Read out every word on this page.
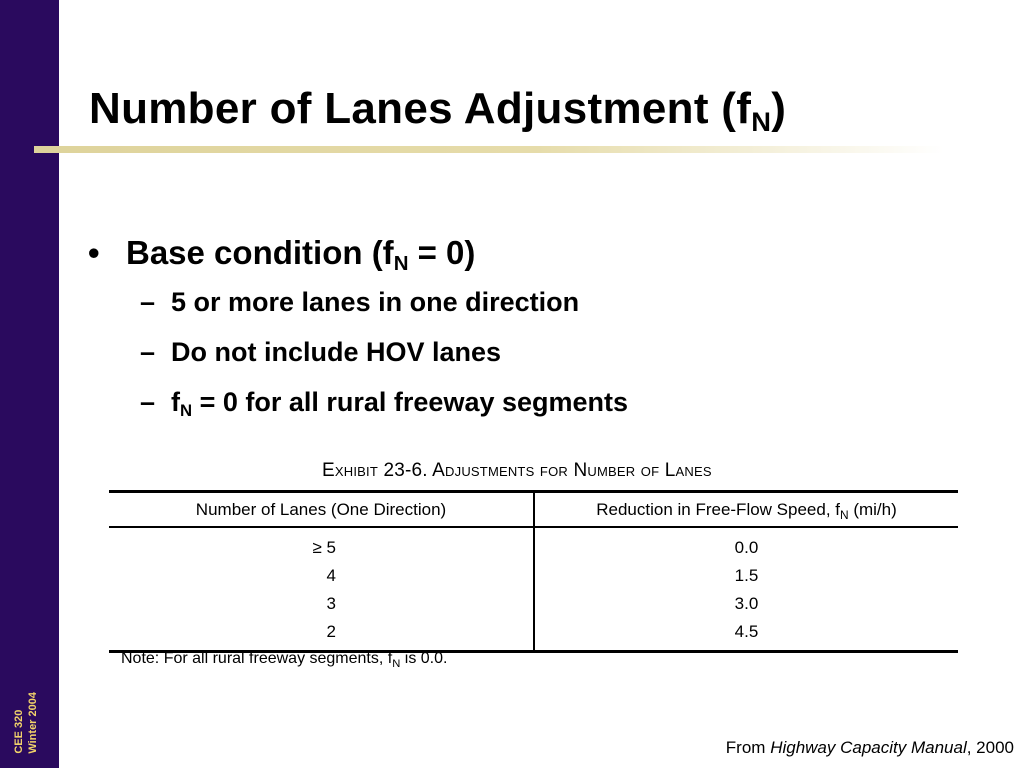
CEE 320 Winter 2004
Number of Lanes Adjustment $(f_N)$
• Base condition $(f_N = 0)$
– 5 or more lanes in one direction
– Do not include HOV lanes
– $f_N = 0$ for all rural freeway segments
Exhibit 23-6. Adjustments for Number of Lanes
Number of Lanes (One Direction)	Reduction in Free-Flow Speed, $f_N$ (mi/h)
≥ 5	0.0
4	1.5
3	3.0
2	4.5
Note: For all rural freeway segments, $f_N$ is 0.0.
From Highway Capacity Manual, 2000
